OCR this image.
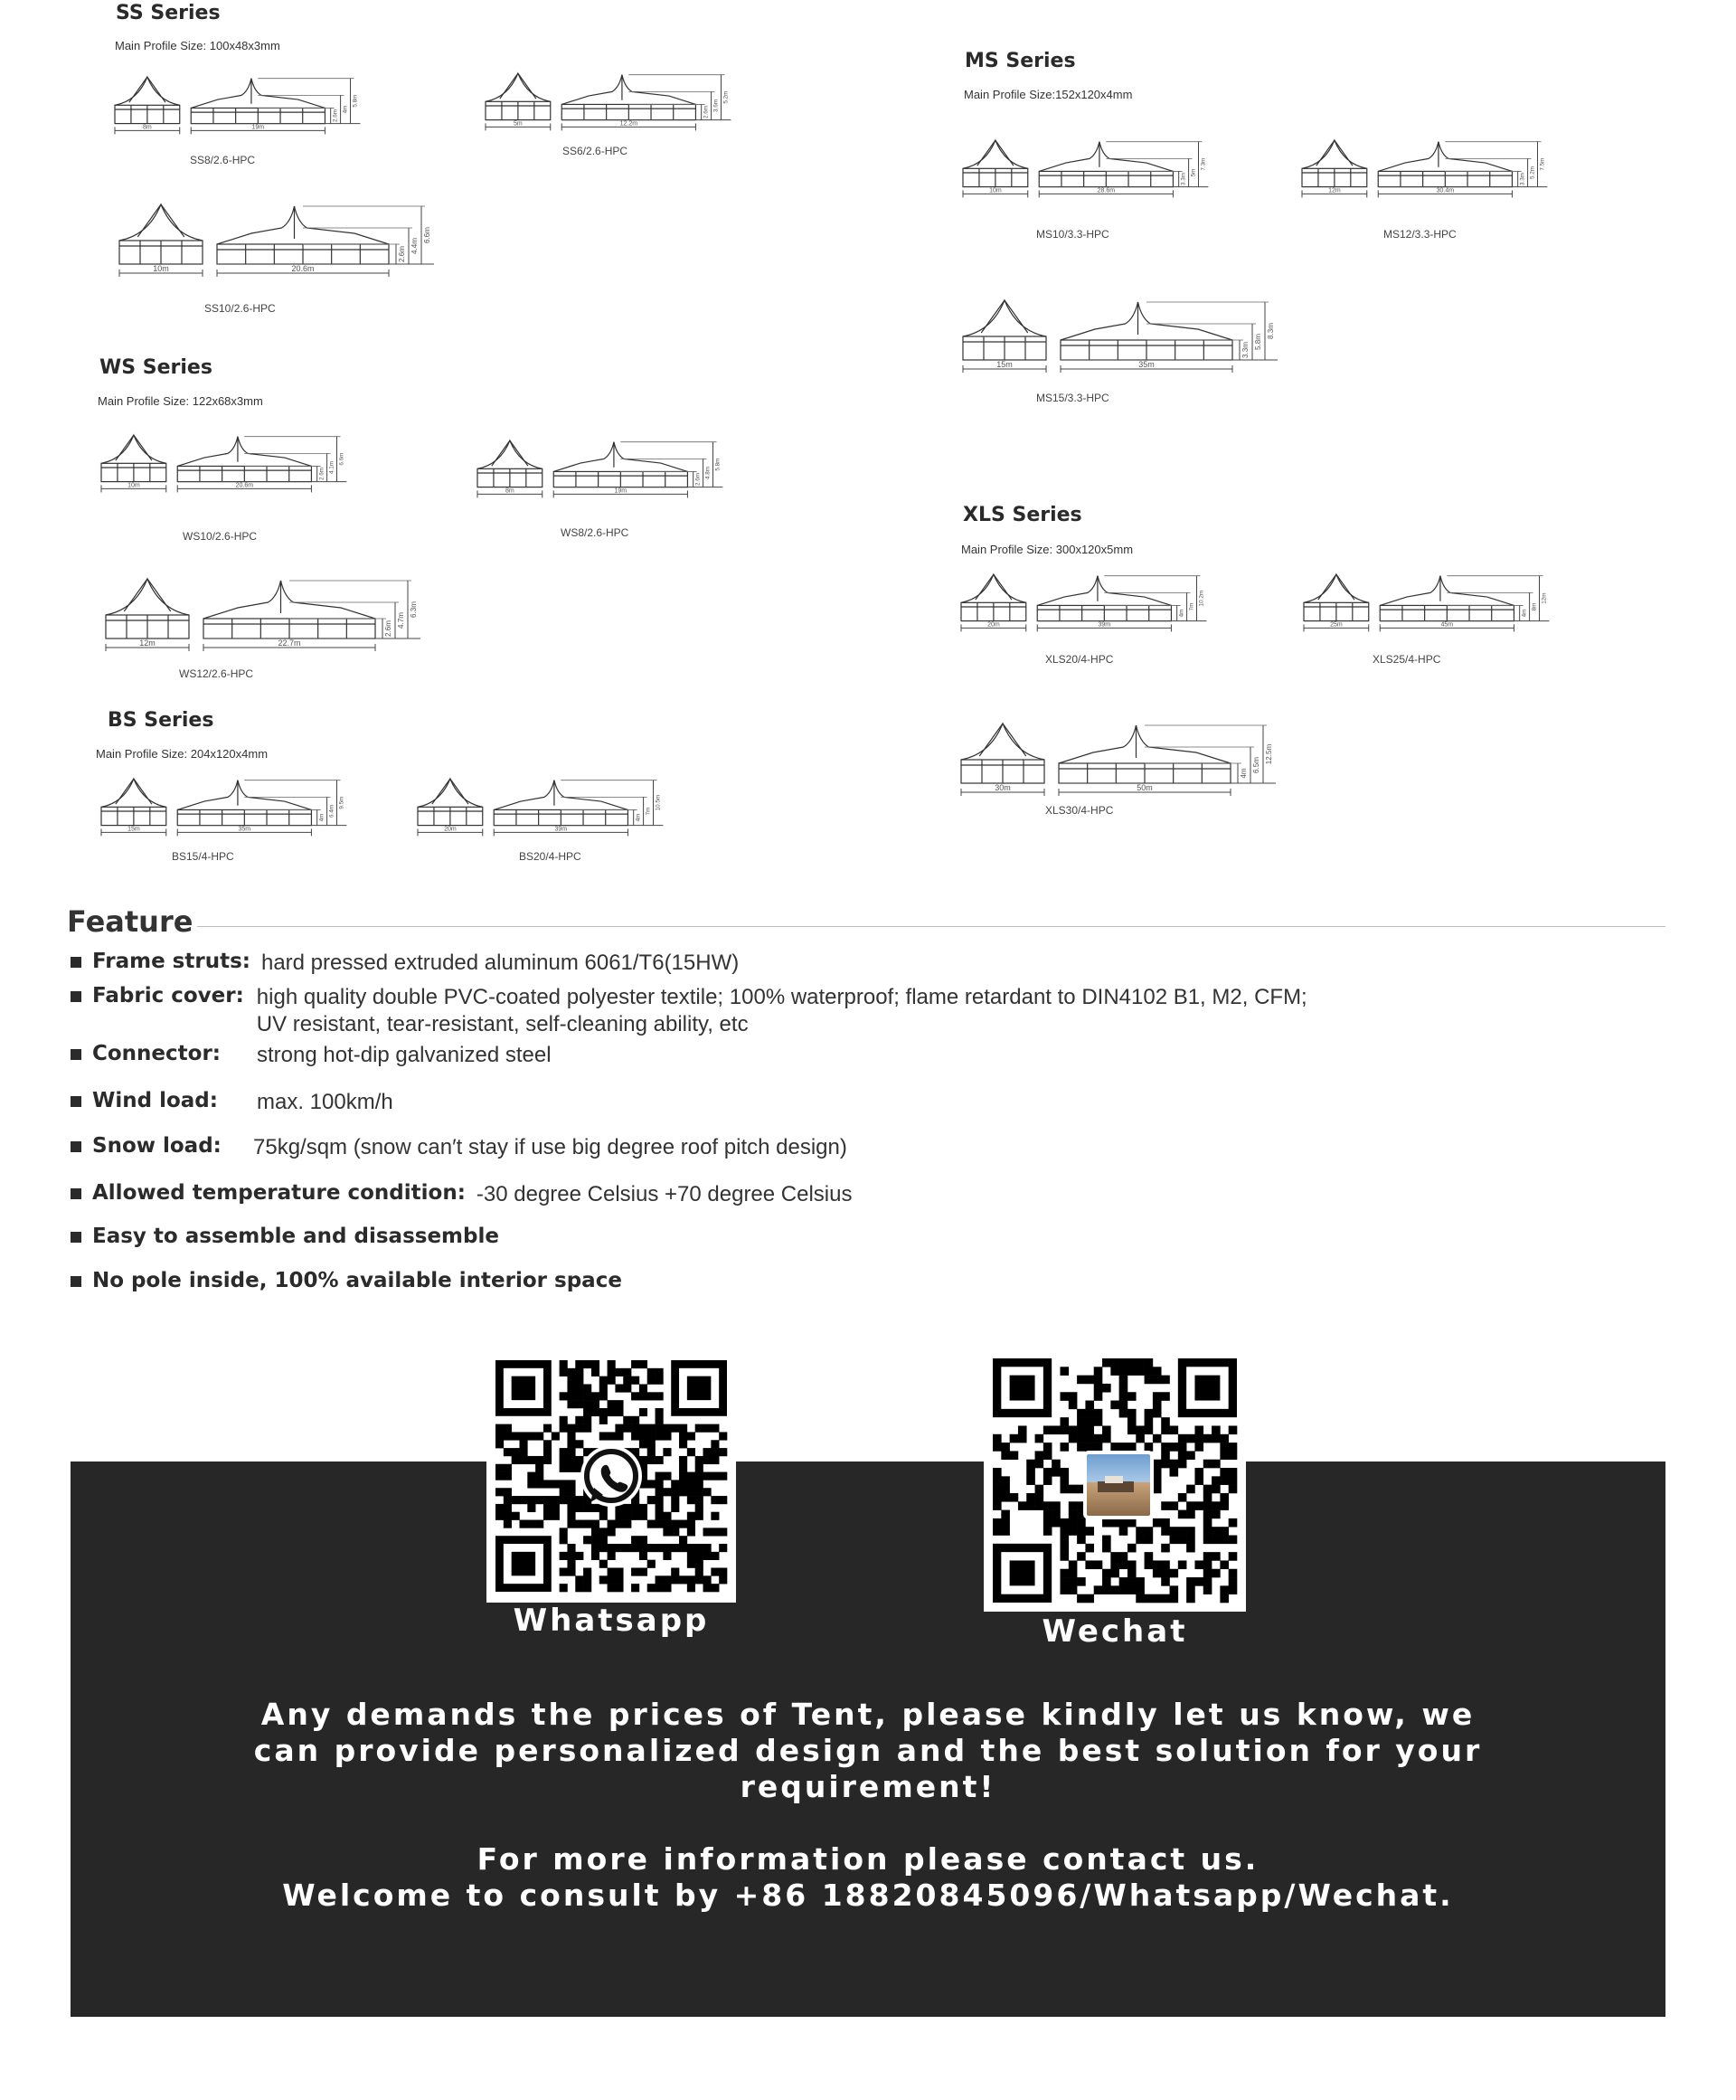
SS Series
Main Profile Size: 100x48x3mm
8m	19m
2.6m
4m
5.8m
SS8/2.6-HPC
5m	12.2m
2.6m
3.6m
5.2m
SS6/2.6-HPC
10m	20.6m
2.6m 4.4m
6.6m
SS10/2.6-HPC
WS Series
Main Profile Size: 122x68x3mm
10m	20.6m
2.6m
4.1m
6.6m
WS10/2.6-HPC
8m	19m
2.6m
4.8m
5.8m
WS8/2.6-HPC
12m	22.7m
2.6m 4.7m
6.3m
WS12/2.6-HPC
BS Series
Main Profile Size: 204x120x4mm
15m	35m
4m
6.4m
9.5m
BS15/4-HPC
20m	39m
4m
7m
10.5m
BS20/4-HPC
MS Series
Main Profile Size:152x120x4mm
10m	28.6m
3.3m
5m
7.3m
MS10/3.3-HPC
12m	30.4m
3.3m
5.2m
7.5m
MS12/3.3-HPC
15m	35m
3.3m 5.8m
8.3m
MS15/3.3-HPC
XLS Series
Main Profile Size: 300x120x5mm
20m	39m
4m
7m
10.2m
XLS20/4-HPC
25m	45m
4m
8m
12m
XLS25/4-HPC
30m	50m
4m 6.5m
12.5m
XLS30/4-HPC
Feature
Frame struts: hard pressed extruded aluminum 6061/T6(15HW)
Fabric cover: high quality double PVC-coated polyester textile; 100% waterproof; flame retardant to DIN4102 B1, M2, CFM;
UV resistant, tear-resistant, self-cleaning ability, etc
Connector:	strong hot-dip galvanized steel
Wind load:	max. 100km/h
Snow load:	75kg/sqm (snow can′t stay if use big degree roof pitch design)
Allowed temperature condition: -30 degree Celsius +70 degree Celsius
Easy to assemble and disassemble
No pole inside, 100% available interior space
Whatsapp	Wechat
Any demands the prices of Tent, please kindly let us know, we
can provide personalized design and the best solution for your
requirement!
For more information please contact us.
Welcome to consult by +86 18820845096/Whatsapp/Wechat.
